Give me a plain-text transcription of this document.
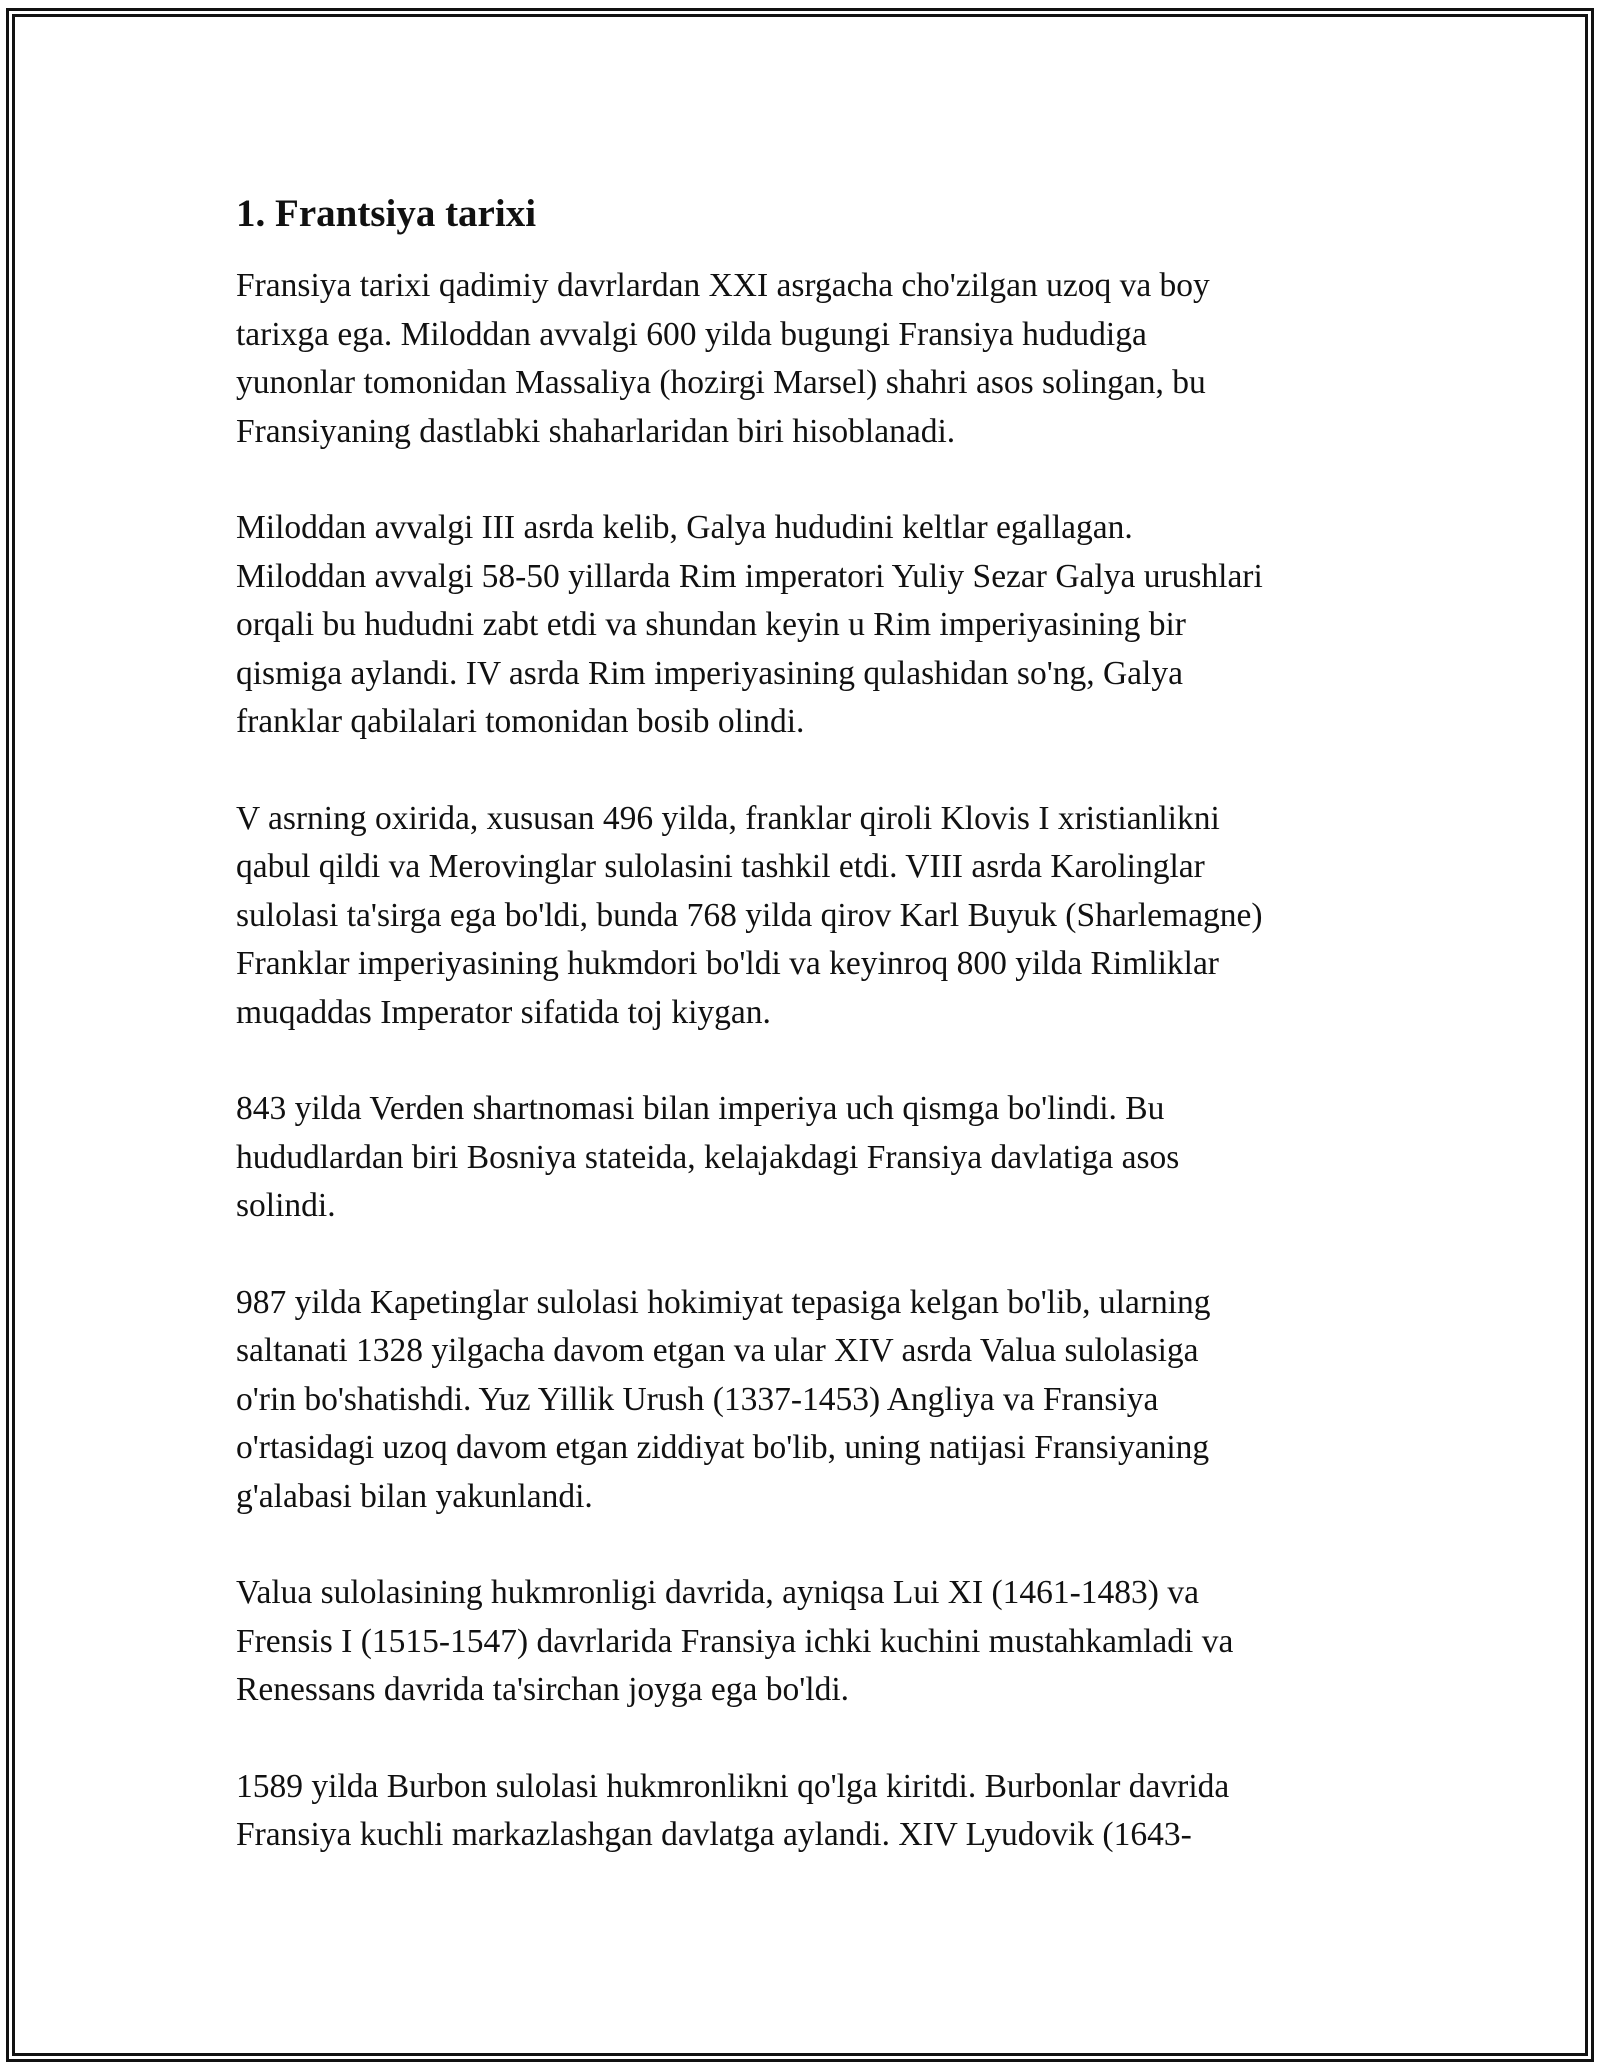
1. Frantsiya tarixi

Fransiya tarixi qadimiy davrlardan XXI asrgacha cho'zilgan uzoq va boy
tarixga ega. Miloddan avvalgi 600 yilda bugungi Fransiya hududiga
yunonlar tomonidan Massaliya (hozirgi Marsel) shahri asos solingan, bu
Fransiyaning dastlabki shaharlaridan biri hisoblanadi.

Miloddan avvalgi III asrda kelib, Galya hududini keltlar egallagan.
Miloddan avvalgi 58-50 yillarda Rim imperatori Yuliy Sezar Galya urushlari
orqali bu hududni zabt etdi va shundan keyin u Rim imperiyasining bir
qismiga aylandi. IV asrda Rim imperiyasining qulashidan so'ng, Galya
franklar qabilalari tomonidan bosib olindi.

V asrning oxirida, xususan 496 yilda, franklar qiroli Klovis I xristianlikni
qabul qildi va Merovinglar sulolasini tashkil etdi. VIII asrda Karolinglar
sulolasi ta'sirga ega bo'ldi, bunda 768 yilda qirov Karl Buyuk (Sharlemagne)
Franklar imperiyasining hukmdori bo'ldi va keyinroq 800 yilda Rimliklar
muqaddas Imperator sifatida toj kiygan.

843 yilda Verden shartnomasi bilan imperiya uch qismga bo'lindi. Bu
hududlardan biri Bosniya stateida, kelajakdagi Fransiya davlatiga asos
solindi.

987 yilda Kapetinglar sulolasi hokimiyat tepasiga kelgan bo'lib, ularning
saltanati 1328 yilgacha davom etgan va ular XIV asrda Valua sulolasiga
o'rin bo'shatishdi. Yuz Yillik Urush (1337-1453) Angliya va Fransiya
o'rtasidagi uzoq davom etgan ziddiyat bo'lib, uning natijasi Fransiyaning
g'alabasi bilan yakunlandi.

Valua sulolasining hukmronligi davrida, ayniqsa Lui XI (1461-1483) va
Frensis I (1515-1547) davrlarida Fransiya ichki kuchini mustahkamladi va
Renessans davrida ta'sirchan joyga ega bo'ldi.

1589 yilda Burbon sulolasi hukmronlikni qo'lga kiritdi. Burbonlar davrida
Fransiya kuchli markazlashgan davlatga aylandi. XIV Lyudovik (1643-
